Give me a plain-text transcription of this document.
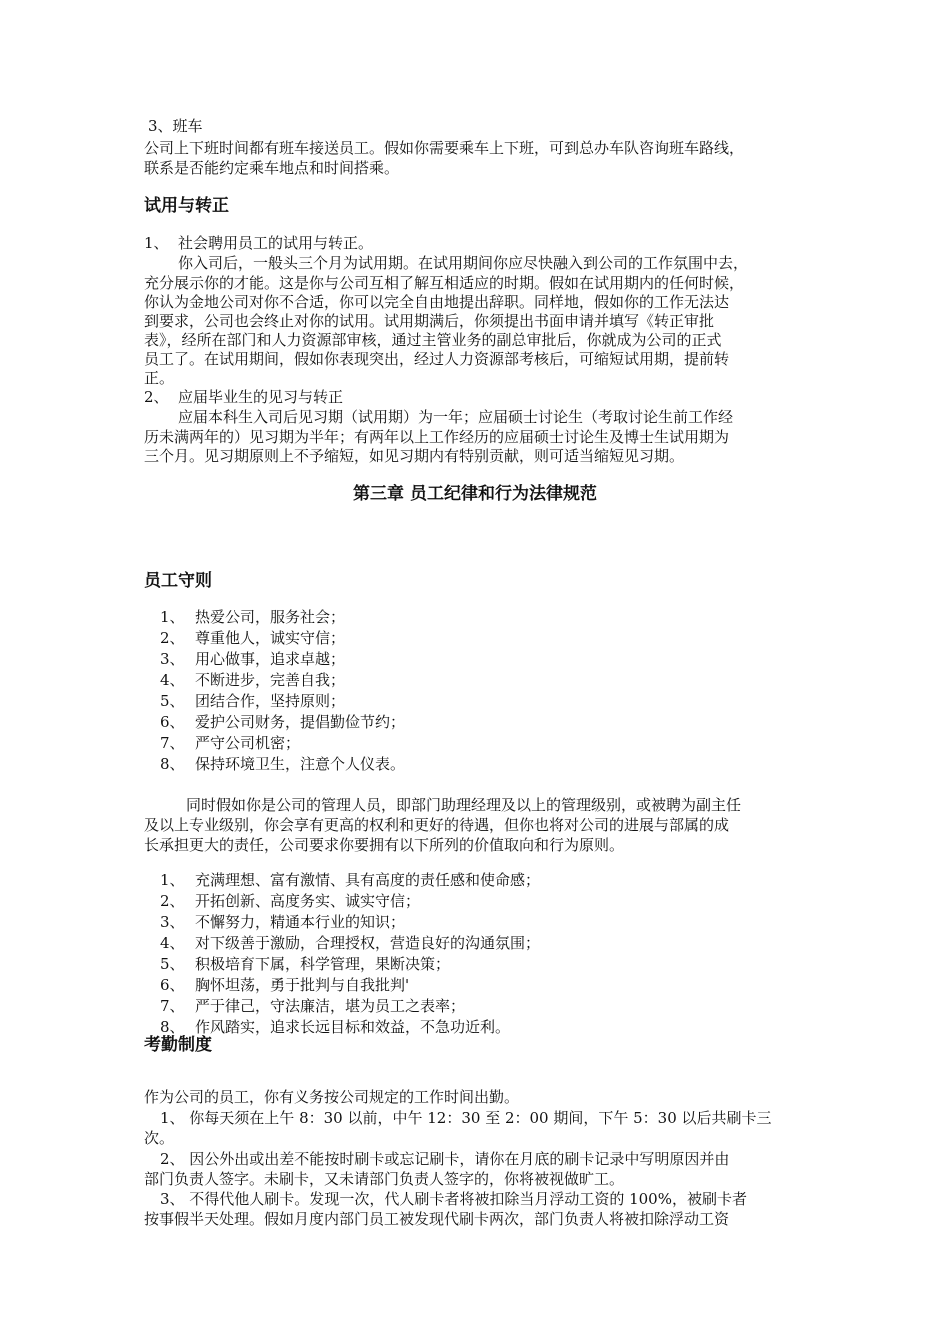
3、班车
公司上下班时间都有班车接送员工。假如你需要乘车上下班，可到总办车队咨询班车路线，
联系是否能约定乘车地点和时间搭乘。
试用与转正
1、 社会聘用员工的试用与转正。
你入司后，一般头三个月为试用期。在试用期间你应尽快融入到公司的工作氛围中去，
充分展示你的才能。这是你与公司互相了解互相适应的时期。假如在试用期内的任何时候，
你认为金地公司对你不合适，你可以完全自由地提出辞职。同样地，假如你的工作无法达
到要求，公司也会终止对你的试用。试用期满后，你须提出书面申请并填写《转正审批
表》，经所在部门和人力资源部审核，通过主管业务的副总审批后，你就成为公司的正式
员工了。在试用期间，假如你表现突出，经过人力资源部考核后，可缩短试用期，提前转
正。
2、 应届毕业生的见习与转正
应届本科生入司后见习期（试用期）为一年；应届硕士讨论生（考取讨论生前工作经
历未满两年的）见习期为半年；有两年以上工作经历的应届硕士讨论生及博士生试用期为
三个月。见习期原则上不予缩短，如见习期内有特别贡献，则可适当缩短见习期。
第三章 员工纪律和行为法律规范
员工守则
1、 热爱公司，服务社会；
2、 尊重他人，诚实守信；
3、 用心做事，追求卓越；
4、 不断进步，完善自我；
5、 团结合作，坚持原则；
6、 爱护公司财务，提倡勤俭节约；
7、 严守公司机密；
8、 保持环境卫生，注意个人仪表。
同时假如你是公司的管理人员，即部门助理经理及以上的管理级别，或被聘为副主任
及以上专业级别，你会享有更高的权利和更好的待遇，但你也将对公司的进展与部属的成
长承担更大的责任，公司要求你要拥有以下所列的价值取向和行为原则。
1、 充满理想、富有激情、具有高度的责任感和使命感；
2、 开拓创新、高度务实、诚实守信；
3、 不懈努力，精通本行业的知识；
4、 对下级善于激励，合理授权，营造良好的沟通氛围；
5、 积极培育下属，科学管理，果断决策；
6、 胸怀坦荡，勇于批判与自我批判'
7、 严于律己，守法廉洁，堪为员工之表率；
8、 作风踏实，追求长远目标和效益，不急功近利。
考勤制度
作为公司的员工，你有义务按公司规定的工作时间出勤。
1、 你每天须在上午 8：30 以前，中午 12：30 至 2：00 期间，下午 5：30 以后共刷卡三
次。
2、 因公外出或出差不能按时刷卡或忘记刷卡，请你在月底的刷卡记录中写明原因并由
部门负责人签字。未刷卡，又未请部门负责人签字的，你将被视做旷工。
3、 不得代他人刷卡。发现一次，代人刷卡者将被扣除当月浮动工资的 100%，被刷卡者
按事假半天处理。假如月度内部门员工被发现代刷卡两次，部门负责人将被扣除浮动工资
